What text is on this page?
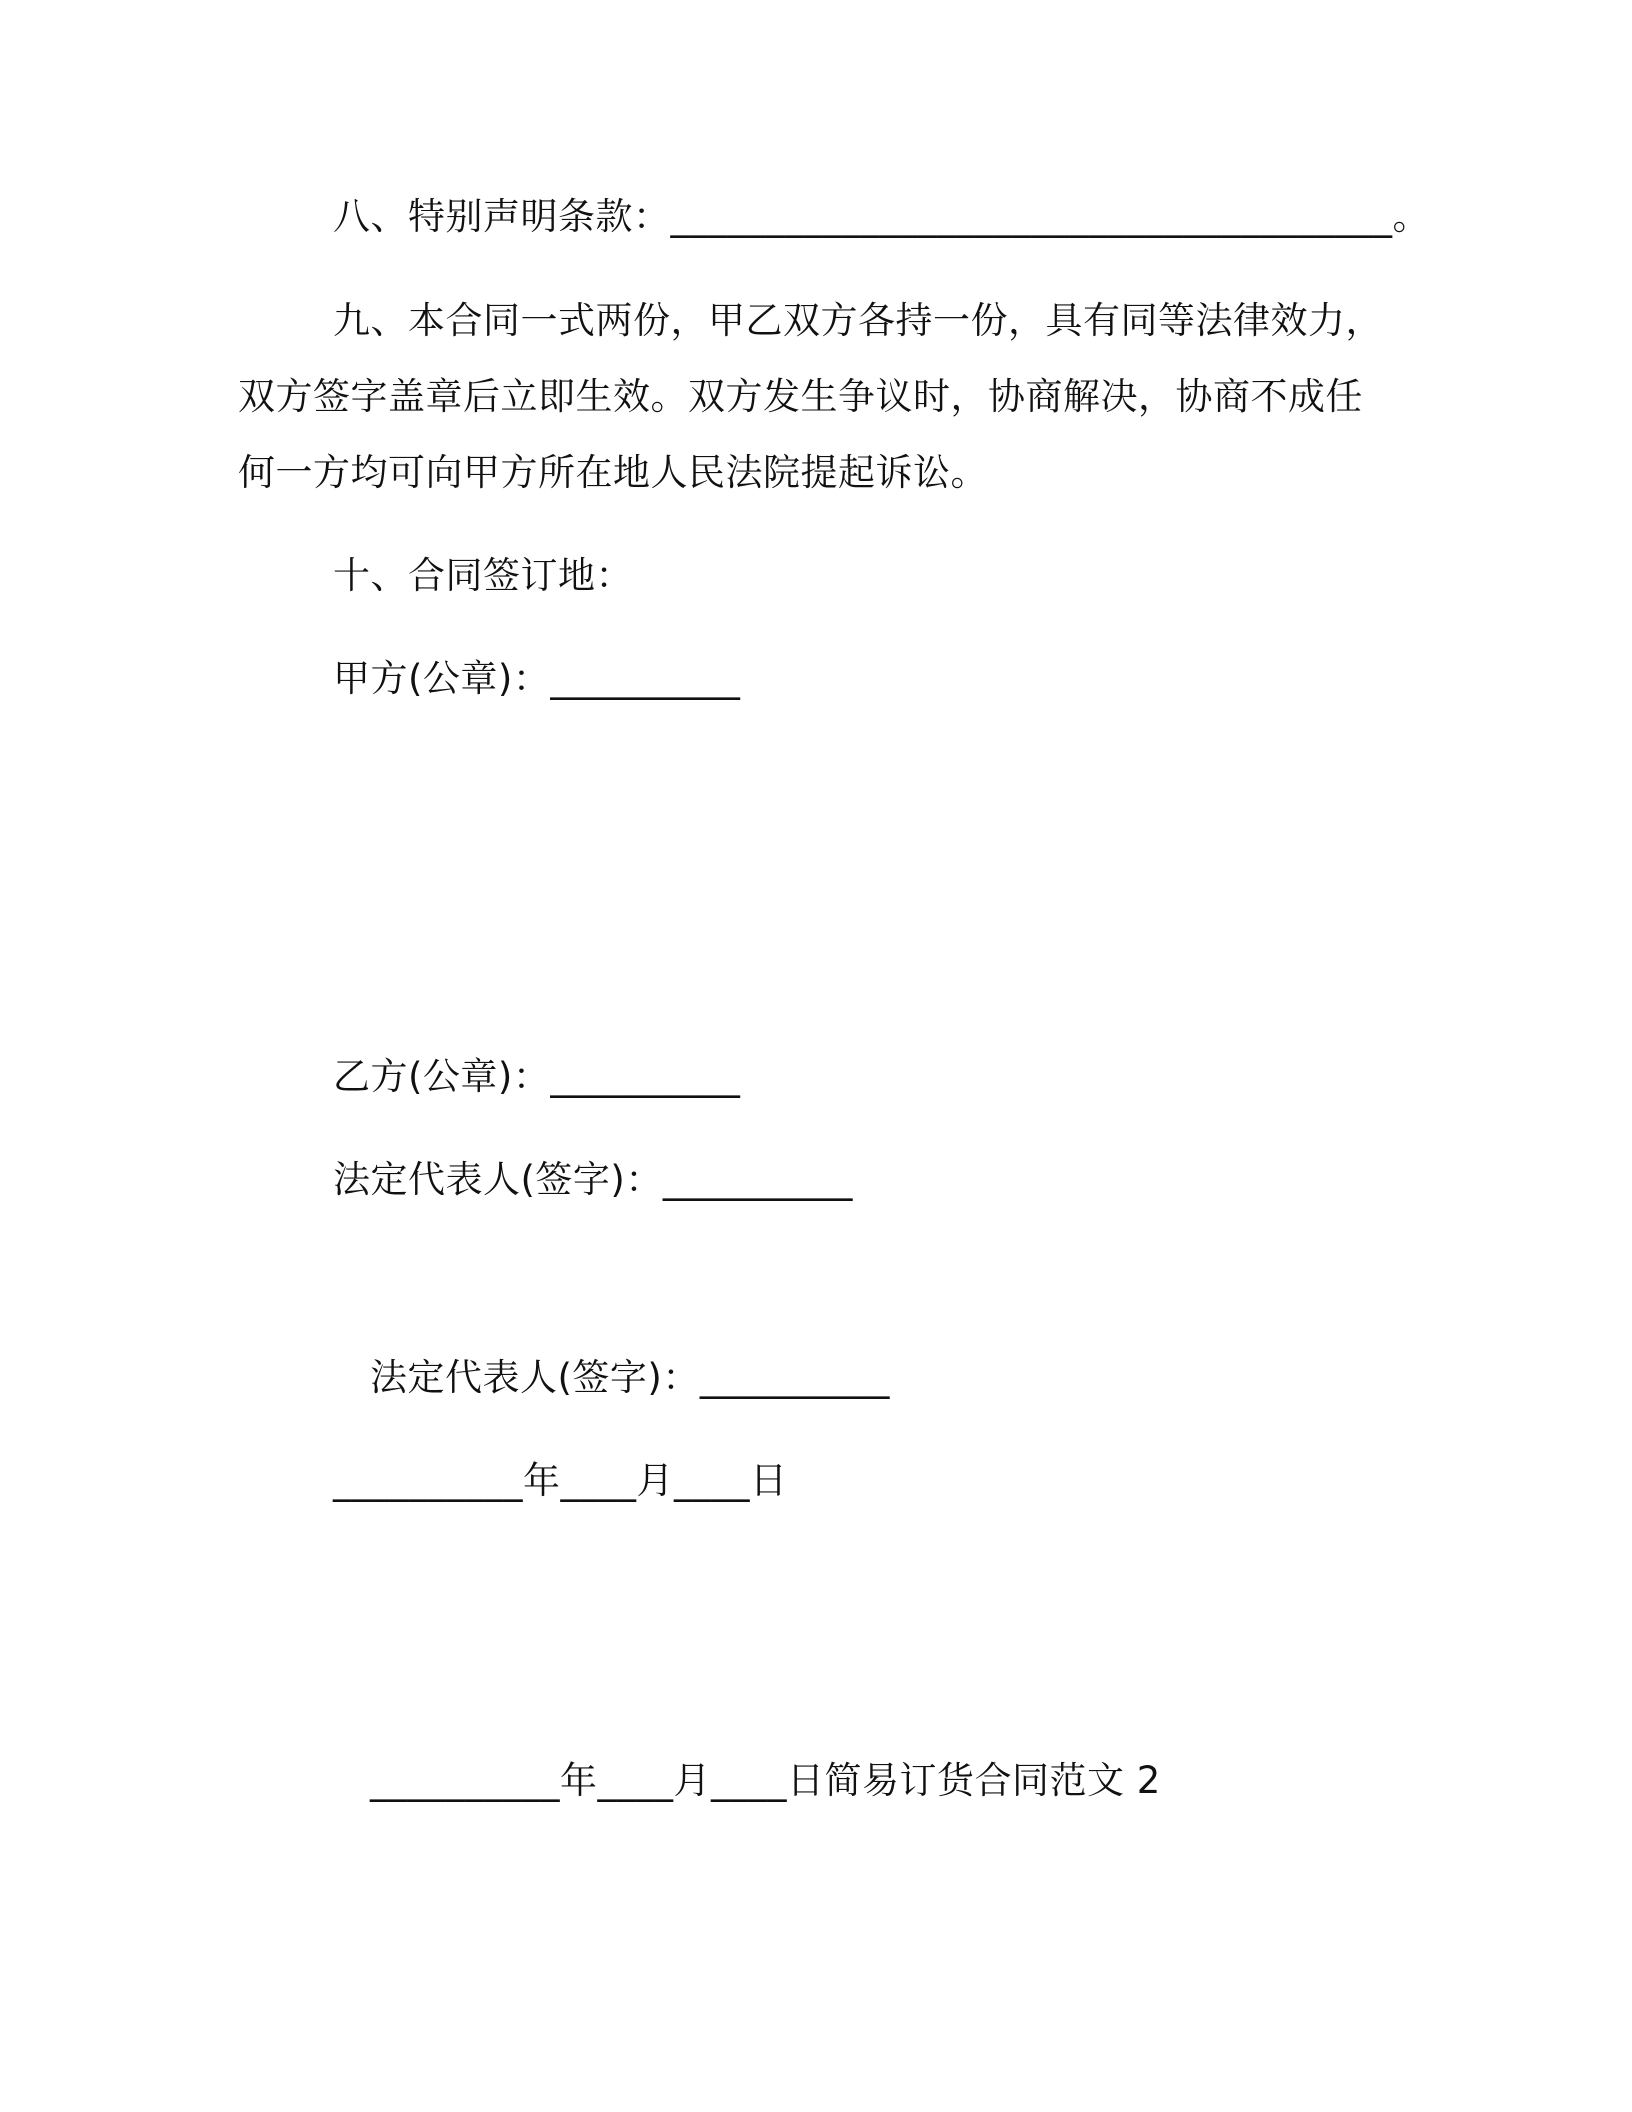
八、特别声明条款：______________________________________。
九、本合同一式两份，甲乙双方各持一份，具有同等法律效力，
双方签字盖章后立即生效。双方发生争议时，协商解决，协商不成任
何一方均可向甲方所在地人民法院提起诉讼。
十、合同签订地：
甲方(公章)：__________
乙方(公章)：__________
法定代表人(签字)：__________
法定代表人(签字)：__________
__________年____月____日
__________年____月____日简易订货合同范文 2
